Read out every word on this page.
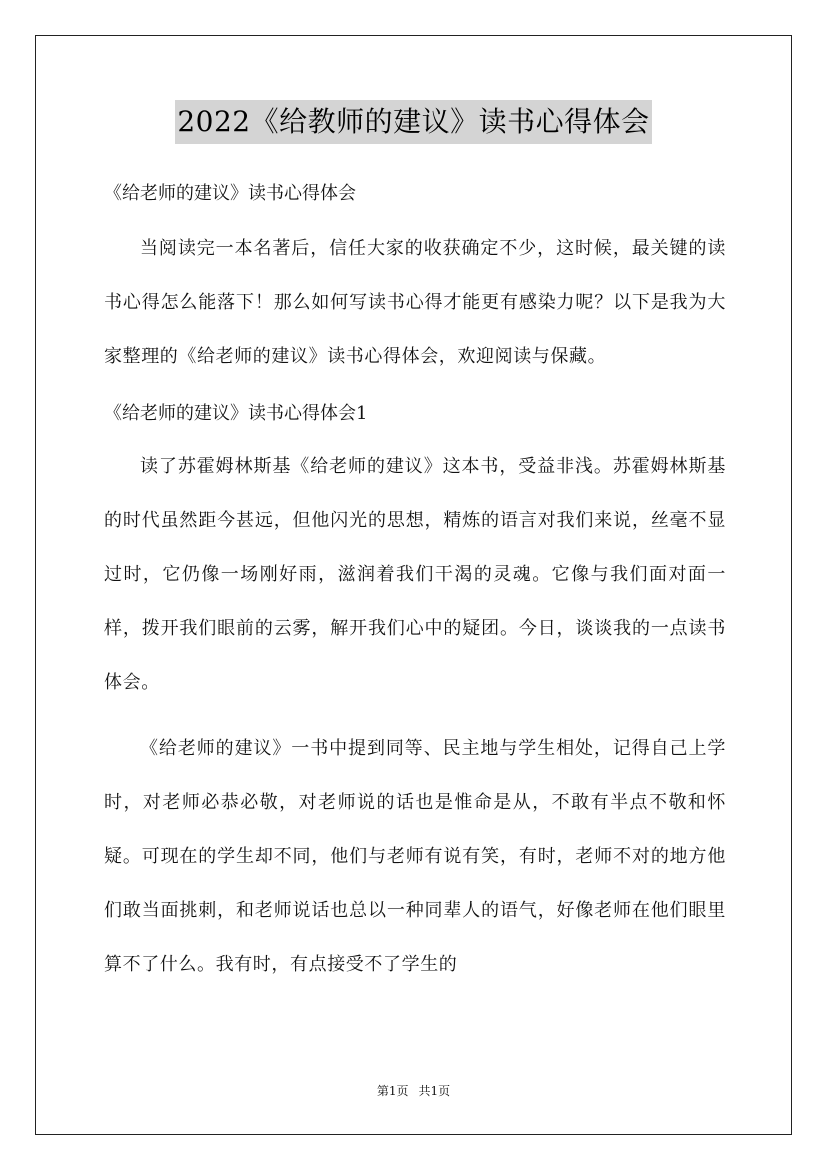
2022《给教师的建议》读书心得体会

《给老师的建议》读书心得体会

当阅读完一本名著后，信任大家的收获确定不少，这时候，最关键的读书心得怎么能落下！那么如何写读书心得才能更有感染力呢？以下是我为大家整理的《给老师的建议》读书心得体会，欢迎阅读与保藏。

《给老师的建议》读书心得体会1

读了苏霍姆林斯基《给老师的建议》这本书，受益非浅。苏霍姆林斯基的时代虽然距今甚远，但他闪光的思想，精炼的语言对我们来说，丝毫不显过时，它仍像一场刚好雨，滋润着我们干渴的灵魂。它像与我们面对面一样，拨开我们眼前的云雾，解开我们心中的疑团。今日，谈谈我的一点读书体会。

《给老师的建议》一书中提到同等、民主地与学生相处，记得自己上学时，对老师必恭必敬，对老师说的话也是惟命是从，不敢有半点不敬和怀疑。可现在的学生却不同，他们与老师有说有笑，有时，老师不对的地方他们敢当面挑刺，和老师说话也总以一种同辈人的语气，好像老师在他们眼里算不了什么。我有时，有点接受不了学生的

第1页 共1页
